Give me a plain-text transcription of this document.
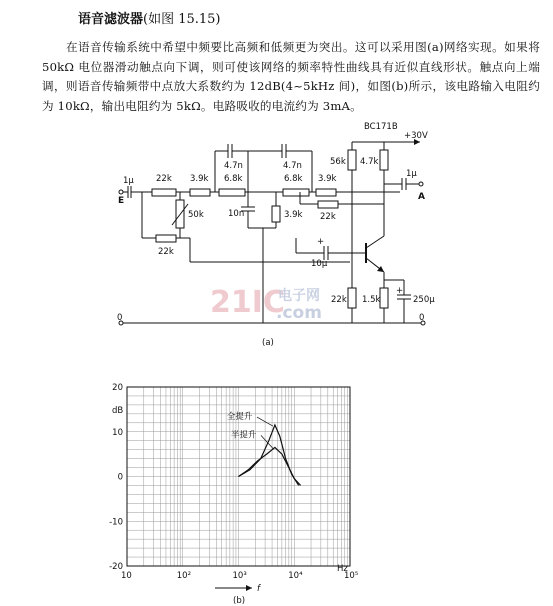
语音滤波器(如图 15.15)
在语音传输系统中希望中频要比高频和低频更为突出。这可以采用图(a)网络实现。如果将 50kΩ 电位器滑动触点向下调，则可使该网络的频率特性曲线具有近似直线形状。触点向上端调，则语音传输频带中点放大系数约为 12dB(4~5kHz 间)，如图(b)所示，该电路输入电阻约为 10kΩ，输出电阻约为 5kΩ。电路吸收的电流约为 3mA。
1μ
E
22k 3.9k 6.8k	6.8k 3.9k
4.7n	4.7n
50k
22k
10n	3.9k 22k
+
10μ
BC171B
+30V
56k 4.7k
1μ
A
22k 1.5k
+
250μ
0	0
(a)
21IC
电子网
.com
dB
Hz
f
(b)
10	10²	10³	10⁴	10⁵
20
10
0
-10
-20
全提升
半提升
